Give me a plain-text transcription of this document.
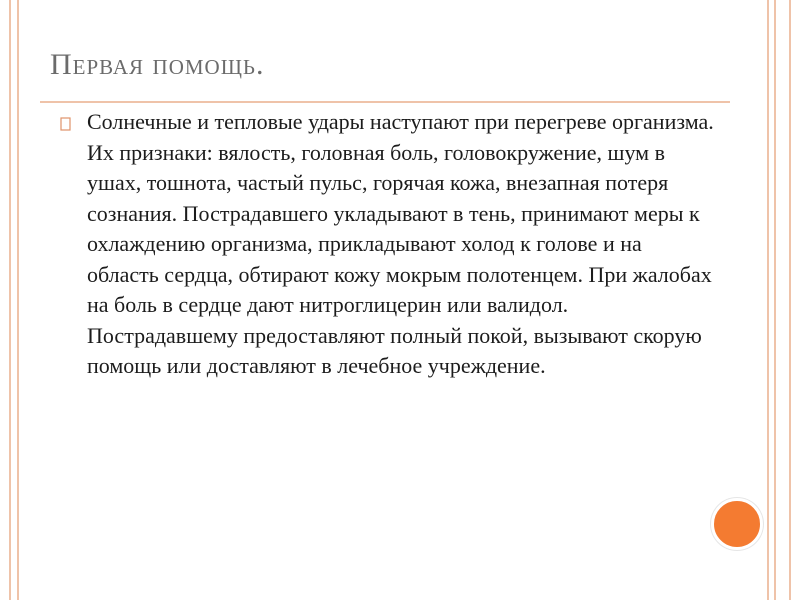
Первая помощь.

Солнечные и тепловые удары наступают при перегреве организма. Их признаки: вялость, головная боль, головокружение, шум в ушах, тошнота, частый пульс, горячая кожа, внезапная потеря сознания. Пострадавшего укладывают в тень, принимают меры к охлаждению организма, прикладывают холод к голове и на область сердца, обтирают кожу мокрым полотенцем. При жалобах на боль в сердце дают нитроглицерин или валидол. Пострадавшему предоставляют полный покой, вызывают скорую помощь или доставляют в лечебное учреждение.
